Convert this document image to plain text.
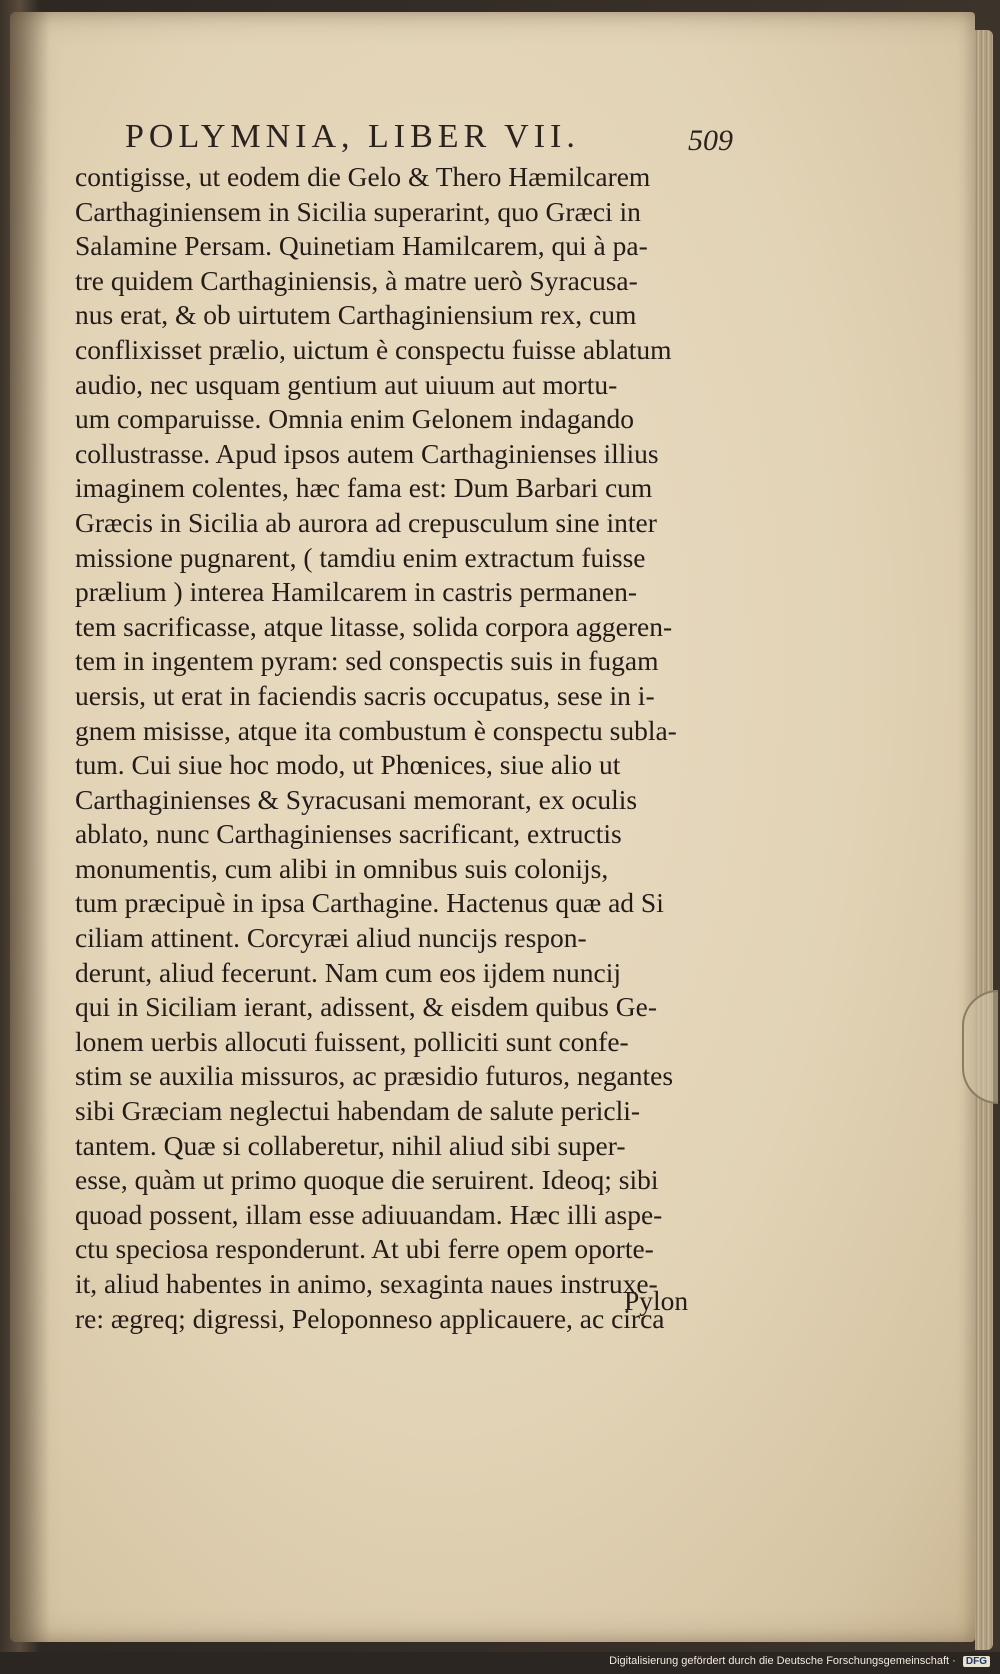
POLYMNIA, LIBER VII.	509
contigisse, ut eodem die Gelo & Thero Hæmilcarem
Carthaginiensem in Sicilia superarint, quo Græci in
Salamine Persam. Quinetiam Hamilcarem, qui à pa-
tre quidem Carthaginiensis, à matre uerò Syracusa-
nus erat, & ob uirtutem Carthaginiensium rex, cum
conflixisset prælio, uictum è conspectu fuisse ablatum
audio, nec usquam gentium aut uiuum aut mortu-
um comparuisse. Omnia enim Gelonem indagando
collustrasse. Apud ipsos autem Carthaginienses illius
imaginem colentes, hæc fama est: Dum Barbari cum
Græcis in Sicilia ab aurora ad crepusculum sine inter
missione pugnarent, ( tamdiu enim extractum fuisse
prælium ) interea Hamilcarem in castris permanen-
tem sacrificasse, atque litasse, solida corpora aggeren-
tem in ingentem pyram: sed conspectis suis in fugam
uersis, ut erat in faciendis sacris occupatus, sese in i-
gnem misisse, atque ita combustum è conspectu subla-
tum. Cui siue hoc modo, ut Phœnices, siue alio ut
Carthaginienses & Syracusani memorant, ex oculis
ablato, nunc Carthaginienses sacrificant, extructis
monumentis, cum alibi in omnibus suis colonijs,
tum præcipuè in ipsa Carthagine. Hactenus quæ ad Si
ciliam attinent. Corcyræi aliud nuncijs respon-
derunt, aliud fecerunt. Nam cum eos ijdem nuncij
qui in Siciliam ierant, adissent, & eisdem quibus Ge-
lonem uerbis allocuti fuissent, polliciti sunt confe-
stim se auxilia missuros, ac præsidio futuros, negantes
sibi Græciam neglectui habendam de salute pericli-
tantem. Quæ si collaberetur, nihil aliud sibi super-
esse, quàm ut primo quoque die seruirent. Ideoq; sibi
quoad possent, illam esse adiuuandam. Hæc illi aspe-
ctu speciosa responderunt. At ubi ferre opem oporte-
it, aliud habentes in animo, sexaginta naues instruxe-
re: ægreq; digressi, Peloponneso applicauere, ac circa
Pylon
Digitalisierung gefördert durch die Deutsche Forschungsgemeinschaft · DFG
